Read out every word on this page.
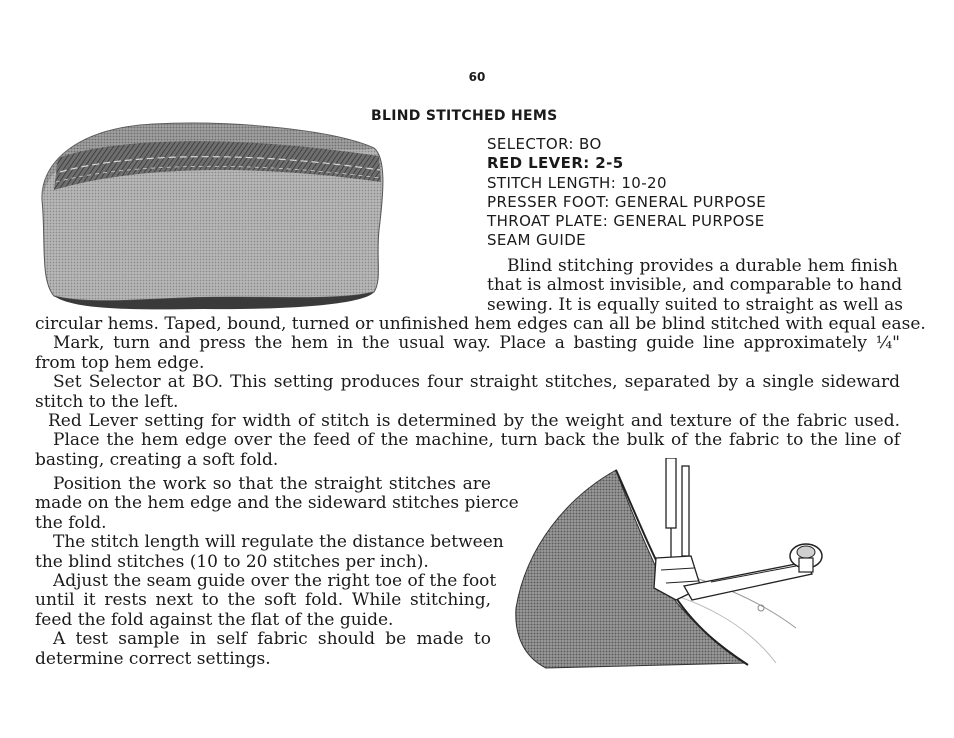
60
BLIND STITCHED HEMS
SELECTOR: BO
RED LEVER: 2-5
STITCH LENGTH: 10-20
PRESSER FOOT: GENERAL PURPOSE
THROAT PLATE: GENERAL PURPOSE
SEAM GUIDE
Blind stitching provides a durable hem finish
that is almost invisible, and comparable to hand
sewing. It is equally suited to straight as well as
circular hems. Taped, bound, turned or unfinished hem edges can all be blind stitched with equal ease.
Mark, turn and press the hem in the usual way. Place a basting guide line approximately ¼"
from top hem edge.
Set Selector at BO. This setting produces four straight stitches, separated by a single sideward
stitch to the left.
Red Lever setting for width of stitch is determined by the weight and texture of the fabric used.
Place the hem edge over the feed of the machine, turn back the bulk of the fabric to the line of
basting, creating a soft fold.
Position the work so that the straight stitches are
made on the hem edge and the sideward stitches pierce
the fold.
The stitch length will regulate the distance between
the blind stitches (10 to 20 stitches per inch).
Adjust the seam guide over the right toe of the foot
until it rests next to the soft fold. While stitching,
feed the fold against the flat of the guide.
A test sample in self fabric should be made to
determine correct settings.
